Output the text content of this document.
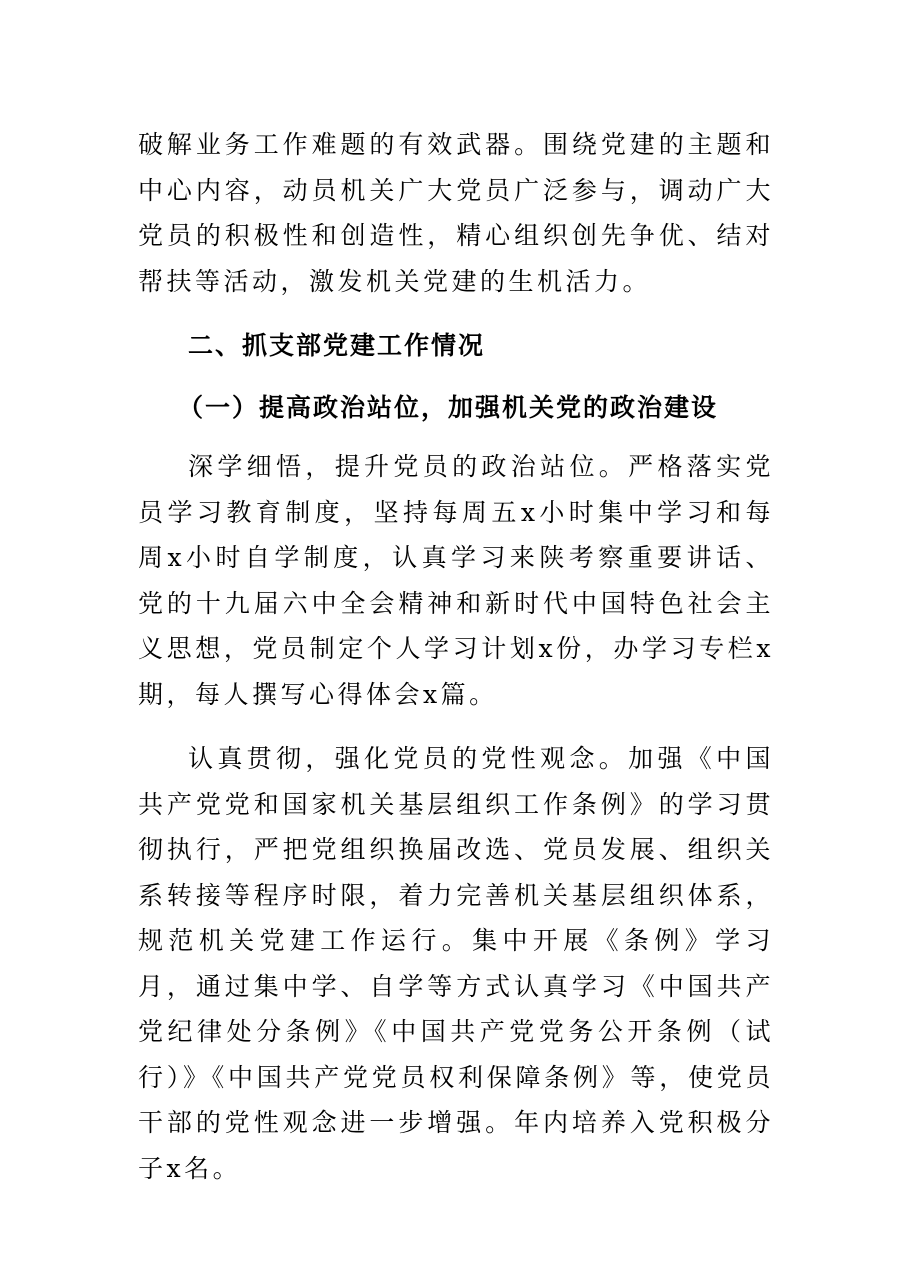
破解业务工作难题的有效武器。围绕党建的主题和中心内容，动员机关广大党员广泛参与，调动广大党员的积极性和创造性，精心组织创先争优、结对帮扶等活动，激发机关党建的生机活力。

二、抓支部党建工作情况

（一）提高政治站位，加强机关党的政治建设

深学细悟，提升党员的政治站位。严格落实党员学习教育制度，坚持每周五x小时集中学习和每周x小时自学制度，认真学习来陕考察重要讲话、党的十九届六中全会精神和新时代中国特色社会主义思想，党员制定个人学习计划x份，办学习专栏x期，每人撰写心得体会x篇。

认真贯彻，强化党员的党性观念。加强《中国共产党党和国家机关基层组织工作条例》的学习贯彻执行，严把党组织换届改选、党员发展、组织关系转接等程序时限，着力完善机关基层组织体系，规范机关党建工作运行。集中开展《条例》学习月，通过集中学、自学等方式认真学习《中国共产党纪律处分条例》《中国共产党党务公开条例（试行）》《中国共产党党员权利保障条例》等，使党员干部的党性观念进一步增强。年内培养入党积极分子x名。
